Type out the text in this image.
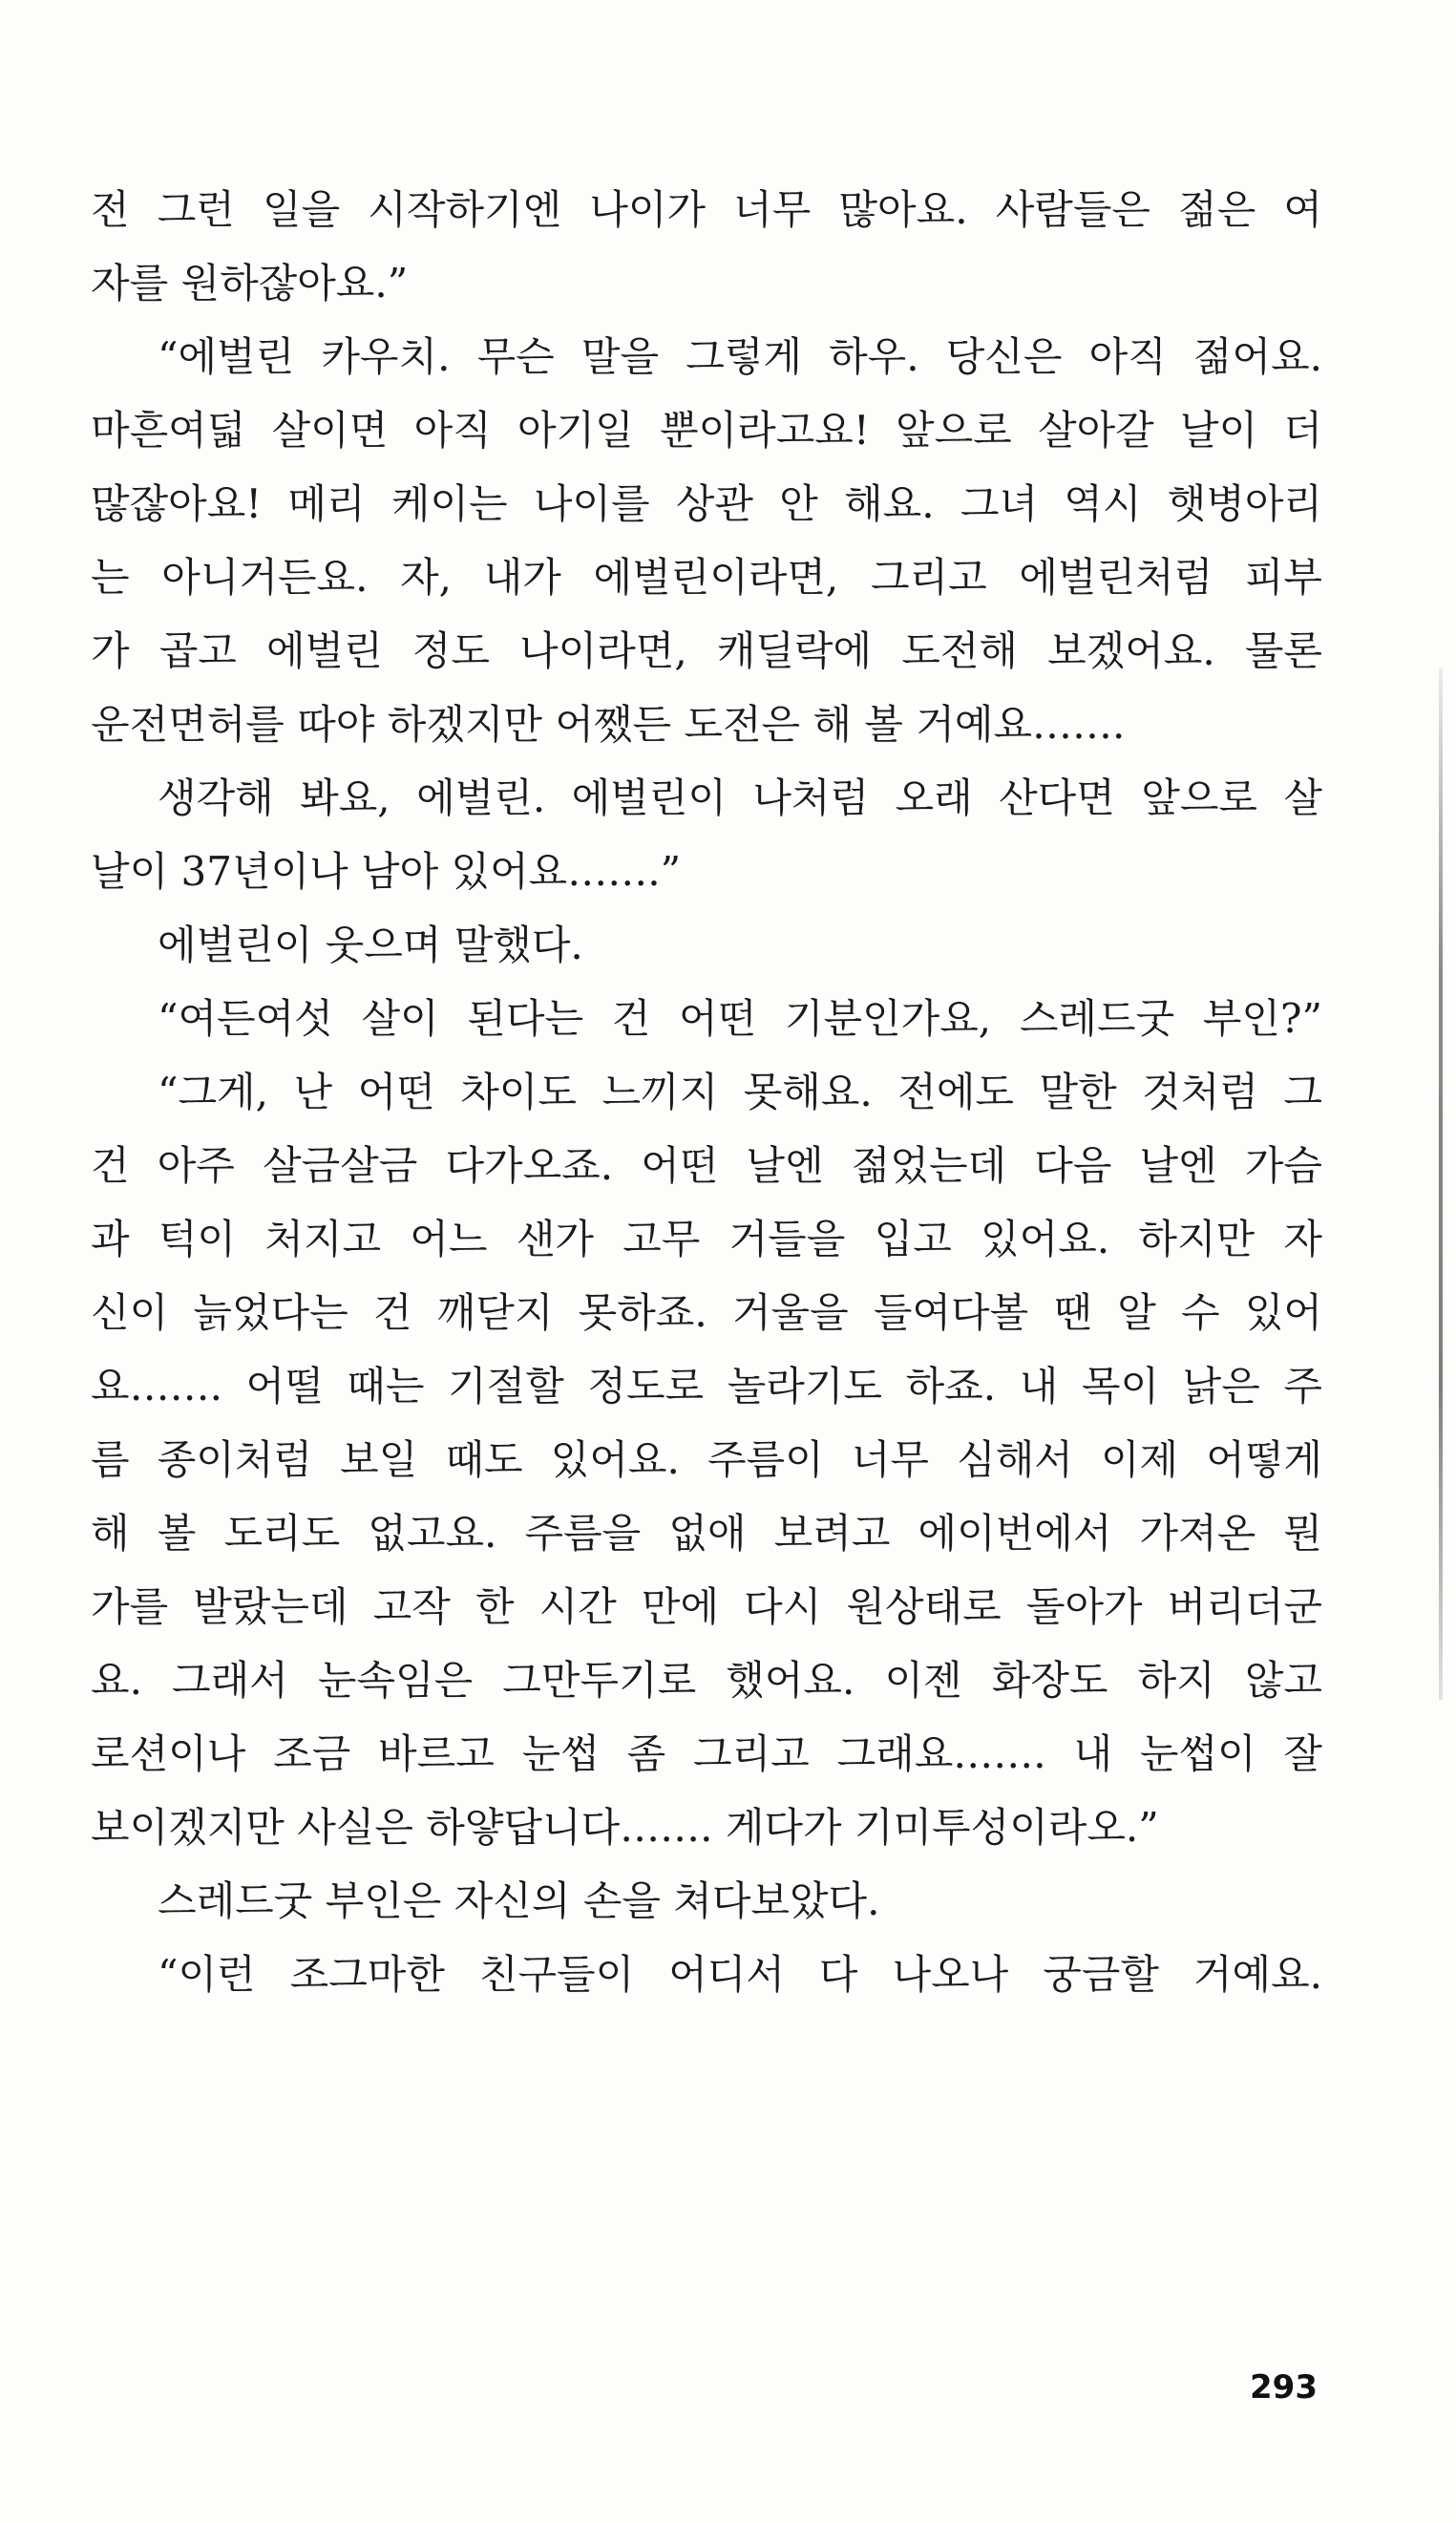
전 그런 일을 시작하기엔 나이가 너무 많아요. 사람들은 젊은 여
자를 원하잖아요.”
“에벌린 카우치. 무슨 말을 그렇게 하우. 당신은 아직 젊어요.
마흔여덟 살이면 아직 아기일 뿐이라고요! 앞으로 살아갈 날이 더
많잖아요! 메리 케이는 나이를 상관 안 해요. 그녀 역시 햇병아리
는 아니거든요. 자, 내가 에벌린이라면, 그리고 에벌린처럼 피부
가 곱고 에벌린 정도 나이라면, 캐딜락에 도전해 보겠어요. 물론
운전면허를 따야 하겠지만 어쨌든 도전은 해 볼 거예요…….
생각해 봐요, 에벌린. 에벌린이 나처럼 오래 산다면 앞으로 살
날이 37년이나 남아 있어요…….”
에벌린이 웃으며 말했다.
“여든여섯 살이 된다는 건 어떤 기분인가요, 스레드굿 부인?”
“그게, 난 어떤 차이도 느끼지 못해요. 전에도 말한 것처럼 그
건 아주 살금살금 다가오죠. 어떤 날엔 젊었는데 다음 날엔 가슴
과 턱이 처지고 어느 샌가 고무 거들을 입고 있어요. 하지만 자
신이 늙었다는 건 깨닫지 못하죠. 거울을 들여다볼 땐 알 수 있어
요……. 어떨 때는 기절할 정도로 놀라기도 하죠. 내 목이 낡은 주
름 종이처럼 보일 때도 있어요. 주름이 너무 심해서 이제 어떻게
해 볼 도리도 없고요. 주름을 없애 보려고 에이번에서 가져온 뭔
가를 발랐는데 고작 한 시간 만에 다시 원상태로 돌아가 버리더군
요. 그래서 눈속임은 그만두기로 했어요. 이젠 화장도 하지 않고
로션이나 조금 바르고 눈썹 좀 그리고 그래요……. 내 눈썹이 잘
보이겠지만 사실은 하얗답니다……. 게다가 기미투성이라오.”
스레드굿 부인은 자신의 손을 쳐다보았다.
“이런 조그마한 친구들이 어디서 다 나오나 궁금할 거예요.
293
